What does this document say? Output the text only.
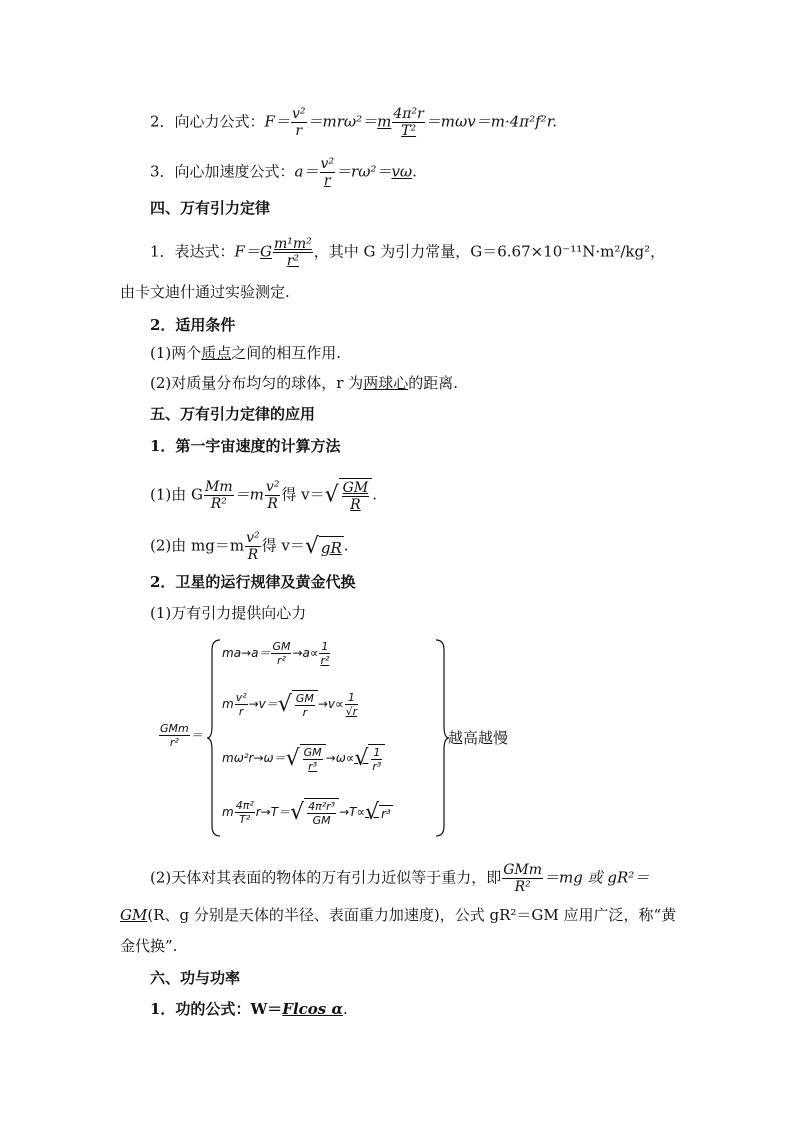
2．向心力公式：$F= \frac{\text{v²}}{r} =mr\omega^2=m \frac{\text{4π²r}}{\text{T²}} =m\omega v=m\cdot 4\pi^2f^2r$.
3．向心加速度公式：$a= \frac{\text{v²}}{r} =r\omega^2=v\omega$.
四、万有引力定律
1．表达式：$F=G \frac{\text{m¹m²}}{\text{r²}}$ ，其中 G 为引力常量，G＝6.67×10⁻¹¹N·m²/kg²，
由卡文迪什通过实验测定.
2．适用条件
(1)两个质点之间的相互作用.
(2)对质量分布均匀的球体，r 为两球心的距离.
五、万有引力定律的应用
1．第一宇宙速度的计算方法
(1)由 G $\frac{Mm}{\text{R²}} =m \frac{\text{v²}}{R}$ 得 $v=√ \frac{GM}{R}$ .
(2)由 $mg=m \frac{\text{v²}}{R}$ 得 v＝√ gR .
2．卫星的运行规律及黄金代换
(1)万有引力提供向心力
$\frac{\text{GMm}}{\text{r²}}$ ＝
$ma\to a= \frac{GM}{\text{r²}} \to a\propto \frac{1}{\text{r²}}$
m $\frac{\text{v²}}{r} \to v=√ \frac{GM}{r} \to v\propto \frac{1}{√r}$
$m\omega^2r\to\omega=√ \frac{GM}{\text{r³}} \to\omega\propto√ \frac{1}{\text{r³}}$
m $\frac{\text{4π²}}{\text{T²}} r\to T=√ \frac{\text{4π²r³}}{GM} \to T\propto√$ r³
越高越慢
(2)天体对其表面的物体的万有引力近似等于重力，即 $\frac{\text{GMm}}{\text{R²}} =mg$ 或 gR²＝
GM(R、g 分别是天体的半径、表面重力加速度)，公式 gR²＝GM 应用广泛，称“黄
金代换”.
六、功与功率
1．功的公式：W＝Flcos α.
